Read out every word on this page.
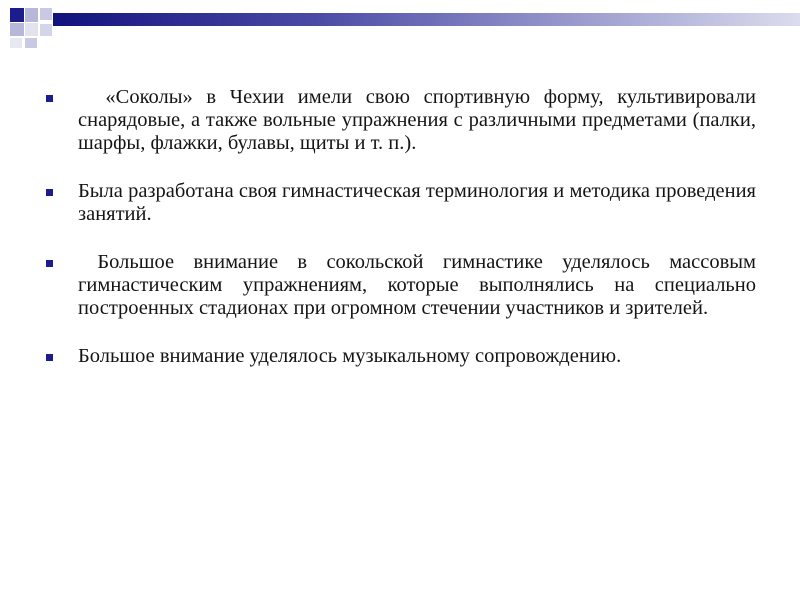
«Соколы» в Чехии имели свою спортивную форму, культивировали снарядовые, а также вольные упражнения с различными предметами (палки, шарфы, флажки, булавы, щиты и т. п.).
Была разработана своя гимнастическая терминология и методика проведения занятий.
Большое внимание в сокольской гимнастике уделялось массовым гимнастическим упражнениям, которые выполнялись на специально построенных стадионах при огромном стечении участников и зрителей.
Большое внимание уделялось музыкальному сопровождению.
